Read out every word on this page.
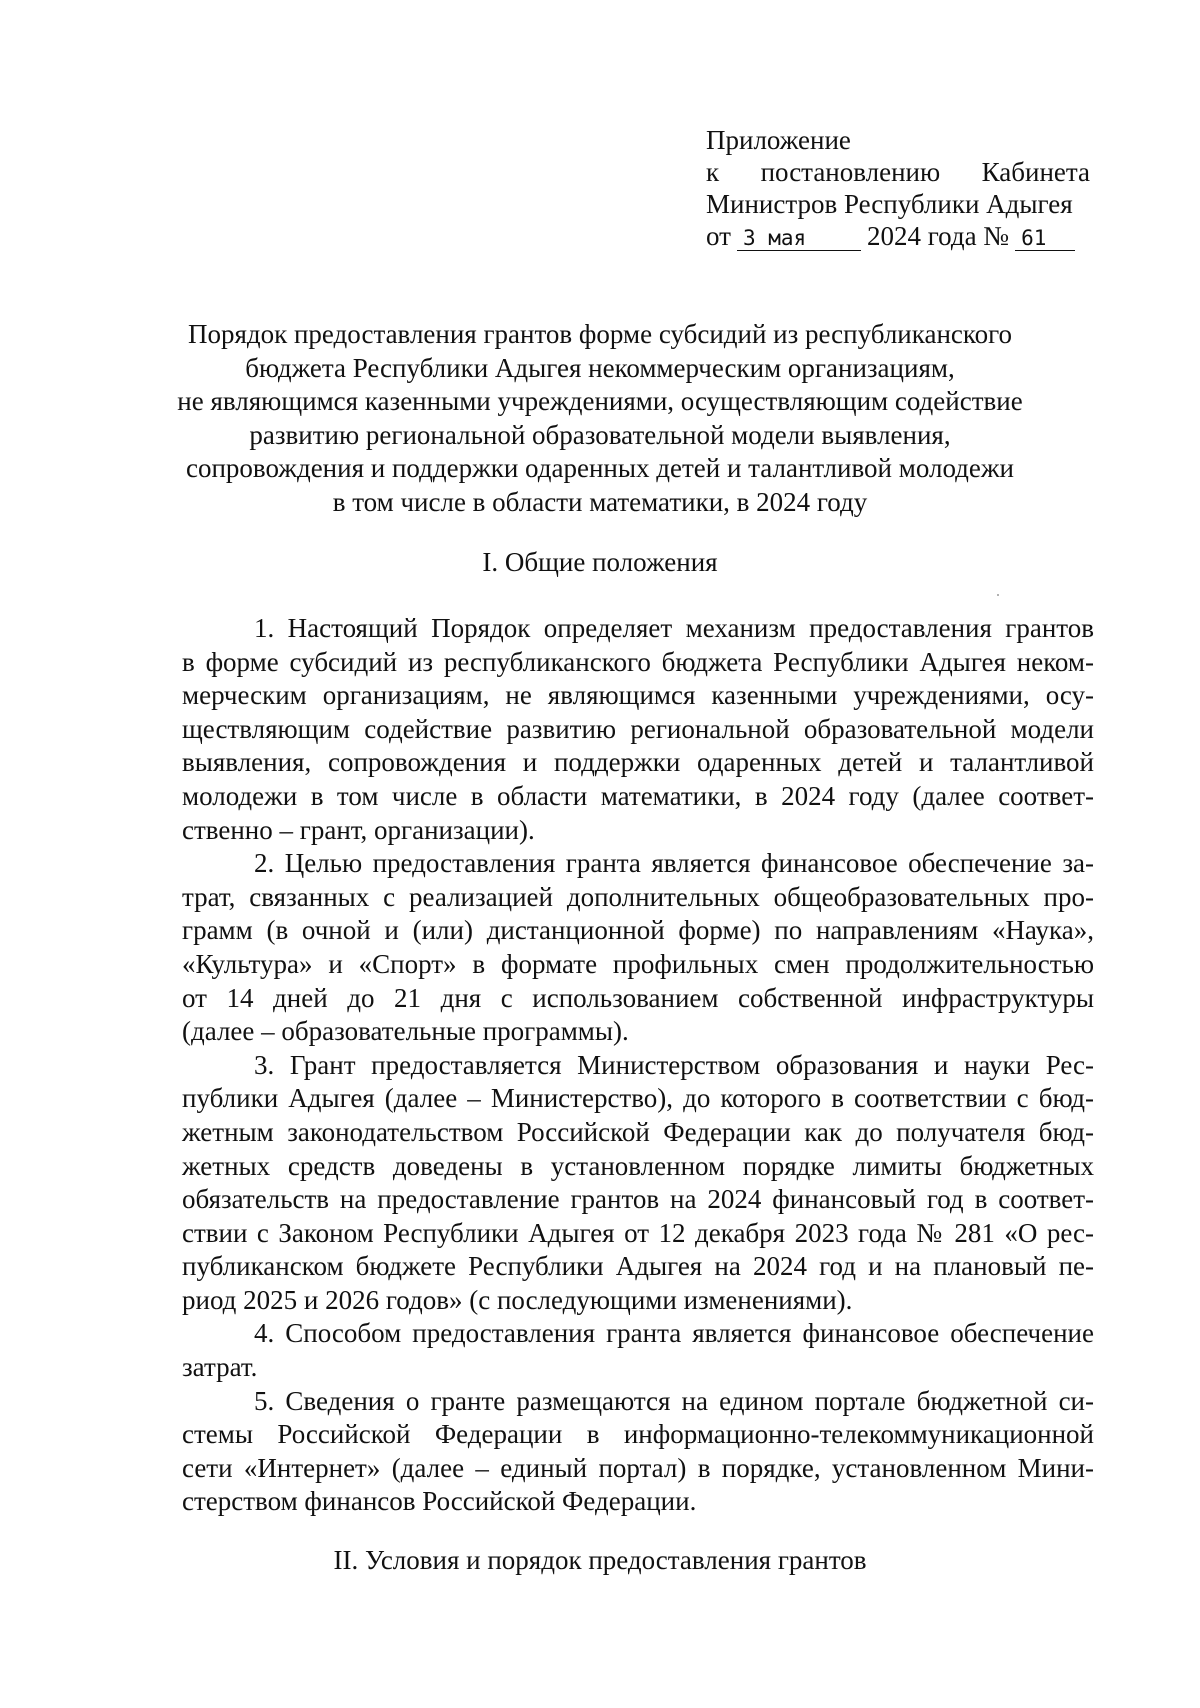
Приложение
к постановлению Кабинета
Министров Республики Адыгея
от 3 мая	2024 года № 61
Порядок предоставления грантов форме субсидий из республиканского
бюджета Республики Адыгея некоммерческим организациям,
не являющимся казенными учреждениями, осуществляющим содействие
развитию региональной образовательной модели выявления,
сопровождения и поддержки одаренных детей и талантливой молодежи
в том числе в области математики, в 2024 году
I. Общие положения
1. Настоящий Порядок определяет механизм предоставления грантов
в форме субсидий из республиканского бюджета Республики Адыгея неком-
мерческим организациям, не являющимся казенными учреждениями, осу-
ществляющим содействие развитию региональной образовательной модели
выявления, сопровождения и поддержки одаренных детей и талантливой
молодежи в том числе в области математики, в 2024 году (далее соответ-
ственно – грант, организации).
2. Целью предоставления гранта является финансовое обеспечение за-
трат, связанных с реализацией дополнительных общеобразовательных про-
грамм (в очной и (или) дистанционной форме) по направлениям «Наука»,
«Культура» и «Спорт» в формате профильных смен продолжительностью
от 14 дней до 21 дня с использованием собственной инфраструктуры
(далее – образовательные программы).
3. Грант предоставляется Министерством образования и науки Рес-
публики Адыгея (далее – Министерство), до которого в соответствии с бюд-
жетным законодательством Российской Федерации как до получателя бюд-
жетных средств доведены в установленном порядке лимиты бюджетных
обязательств на предоставление грантов на 2024 финансовый год в соответ-
ствии с Законом Республики Адыгея от 12 декабря 2023 года № 281 «О рес-
публиканском бюджете Республики Адыгея на 2024 год и на плановый пе-
риод 2025 и 2026 годов» (с последующими изменениями).
4. Способом предоставления гранта является финансовое обеспечение
затрат.
5. Сведения о гранте размещаются на едином портале бюджетной си-
стемы Российской Федерации в информационно-телекоммуникационной
сети «Интернет» (далее – единый портал) в порядке, установленном Мини-
стерством финансов Российской Федерации.
II. Условия и порядок предоставления грантов
